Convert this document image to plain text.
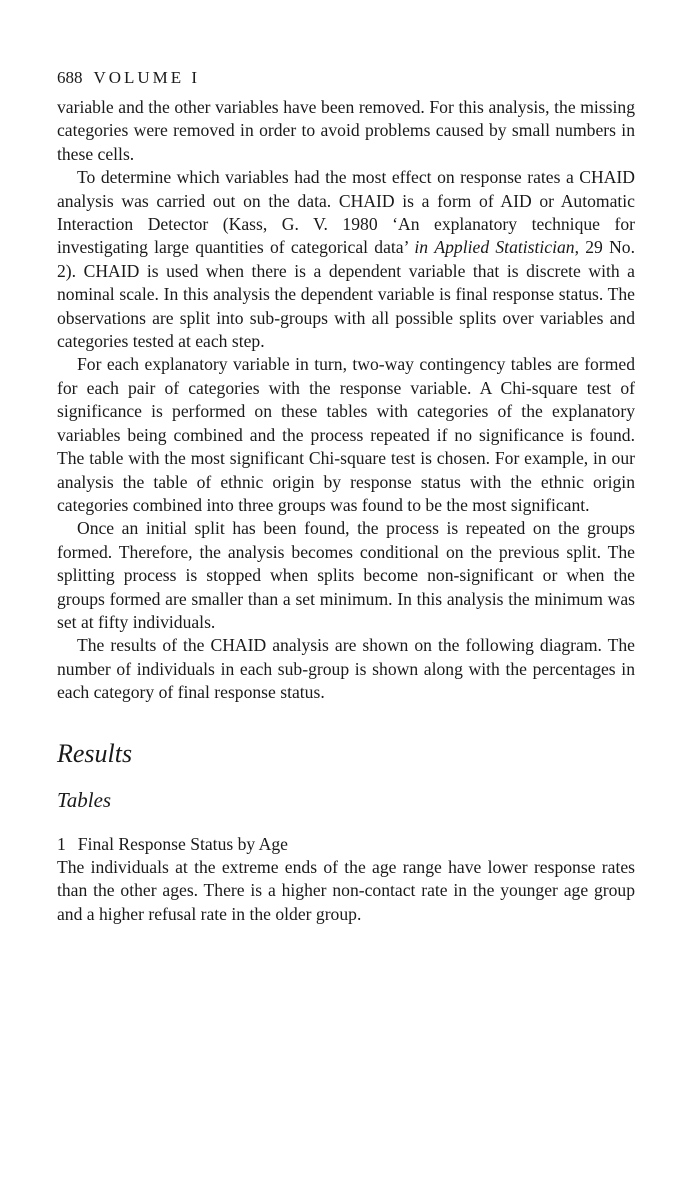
688 VOLUME I

variable and the other variables have been removed. For this analysis, the missing categories were removed in order to avoid problems caused by small numbers in these cells.

To determine which variables had the most effect on response rates a CHAID analysis was carried out on the data. CHAID is a form of AID or Automatic Interaction Detector (Kass, G. V. 1980 ‘An explanatory technique for investigating large quantities of categorical data’ in Applied Statistician, 29 No. 2). CHAID is used when there is a dependent variable that is discrete with a nominal scale. In this analysis the dependent variable is final response status. The observations are split into sub-groups with all possible splits over variables and categories tested at each step.

For each explanatory variable in turn, two-way contingency tables are formed for each pair of categories with the response variable. A Chi-square test of significance is performed on these tables with categories of the explanatory variables being combined and the process repeated if no significance is found. The table with the most significant Chi-square test is chosen. For example, in our analysis the table of ethnic origin by response status with the ethnic origin categories combined into three groups was found to be the most significant.

Once an initial split has been found, the process is repeated on the groups formed. Therefore, the analysis becomes conditional on the previous split. The splitting process is stopped when splits become non-significant or when the groups formed are smaller than a set minimum. In this analysis the minimum was set at fifty individuals.

The results of the CHAID analysis are shown on the following diagram. The number of individuals in each sub-group is shown along with the percentages in each category of final response status.

Results
Tables
1 Final Response Status by Age

The individuals at the extreme ends of the age range have lower response rates than the other ages. There is a higher non-contact rate in the younger age group and a higher refusal rate in the older group.
